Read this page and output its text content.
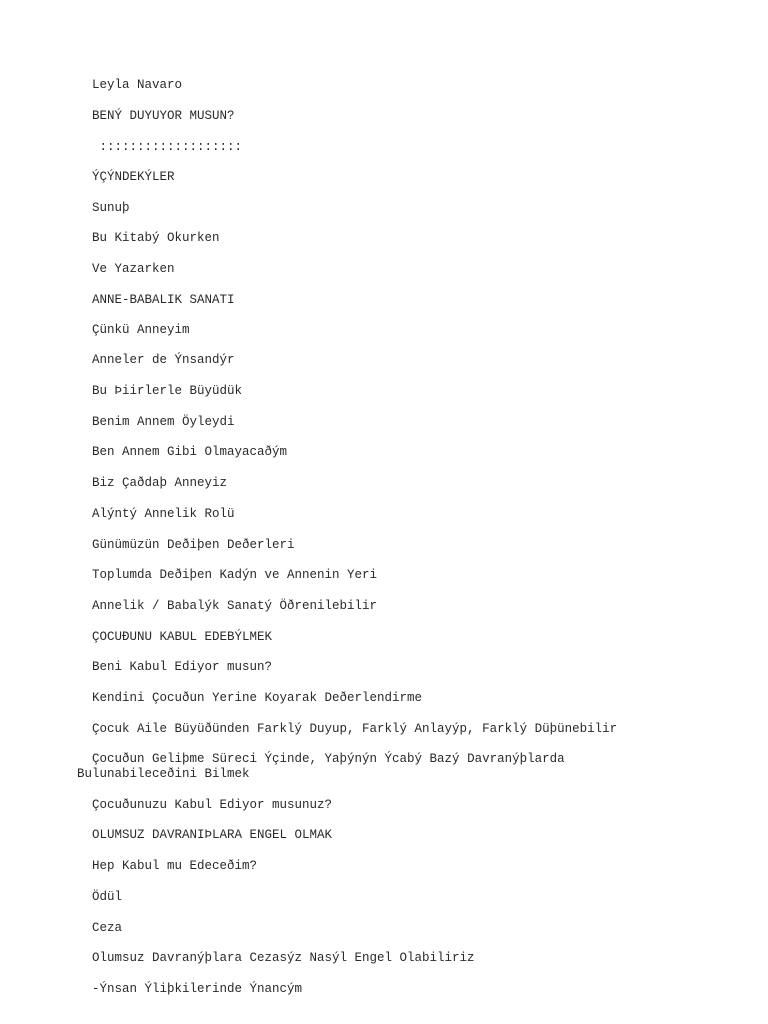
Leyla Navaro

BENÝ DUYUYOR MUSUN?

:::::::::::::::::::

ÝÇÝNDEKÝLER

Sunuþ

Bu Kitabý Okurken

Ve Yazarken

ANNE-BABALIK SANATI

Çünkü Anneyim

Anneler de Ýnsandýr

Bu Þiirlerle Büyüdük

Benim Annem Öyleydi

Ben Annem Gibi Olmayacaðým

Biz Çaðdaþ Anneyiz

Alýntý Annelik Rolü

Günümüzün Deðiþen Deðerleri

Toplumda Deðiþen Kadýn ve Annenin Yeri

Annelik / Babalýk Sanatý Öðrenilebilir

ÇOCUÐUNU KABUL EDEBÝLMEK

Beni Kabul Ediyor musun?

Kendini Çocuðun Yerine Koyarak Deðerlendirme

Çocuk Aile Büyüðünden Farklý Duyup, Farklý Anlayýp, Farklý Düþünebilir

Çocuðun Geliþme Süreci Ýçinde, Yaþýnýn Ýcabý Bazý Davranýþlarda

Bulunabileceðini Bilmek

Çocuðunuzu Kabul Ediyor musunuz?

OLUMSUZ DAVRANIÞLARA ENGEL OLMAK

Hep Kabul mu Edeceðim?

Ödül

Ceza

Olumsuz Davranýþlara Cezasýz Nasýl Engel Olabiliriz

-Ýnsan Ýliþkilerinde Ýnancým
